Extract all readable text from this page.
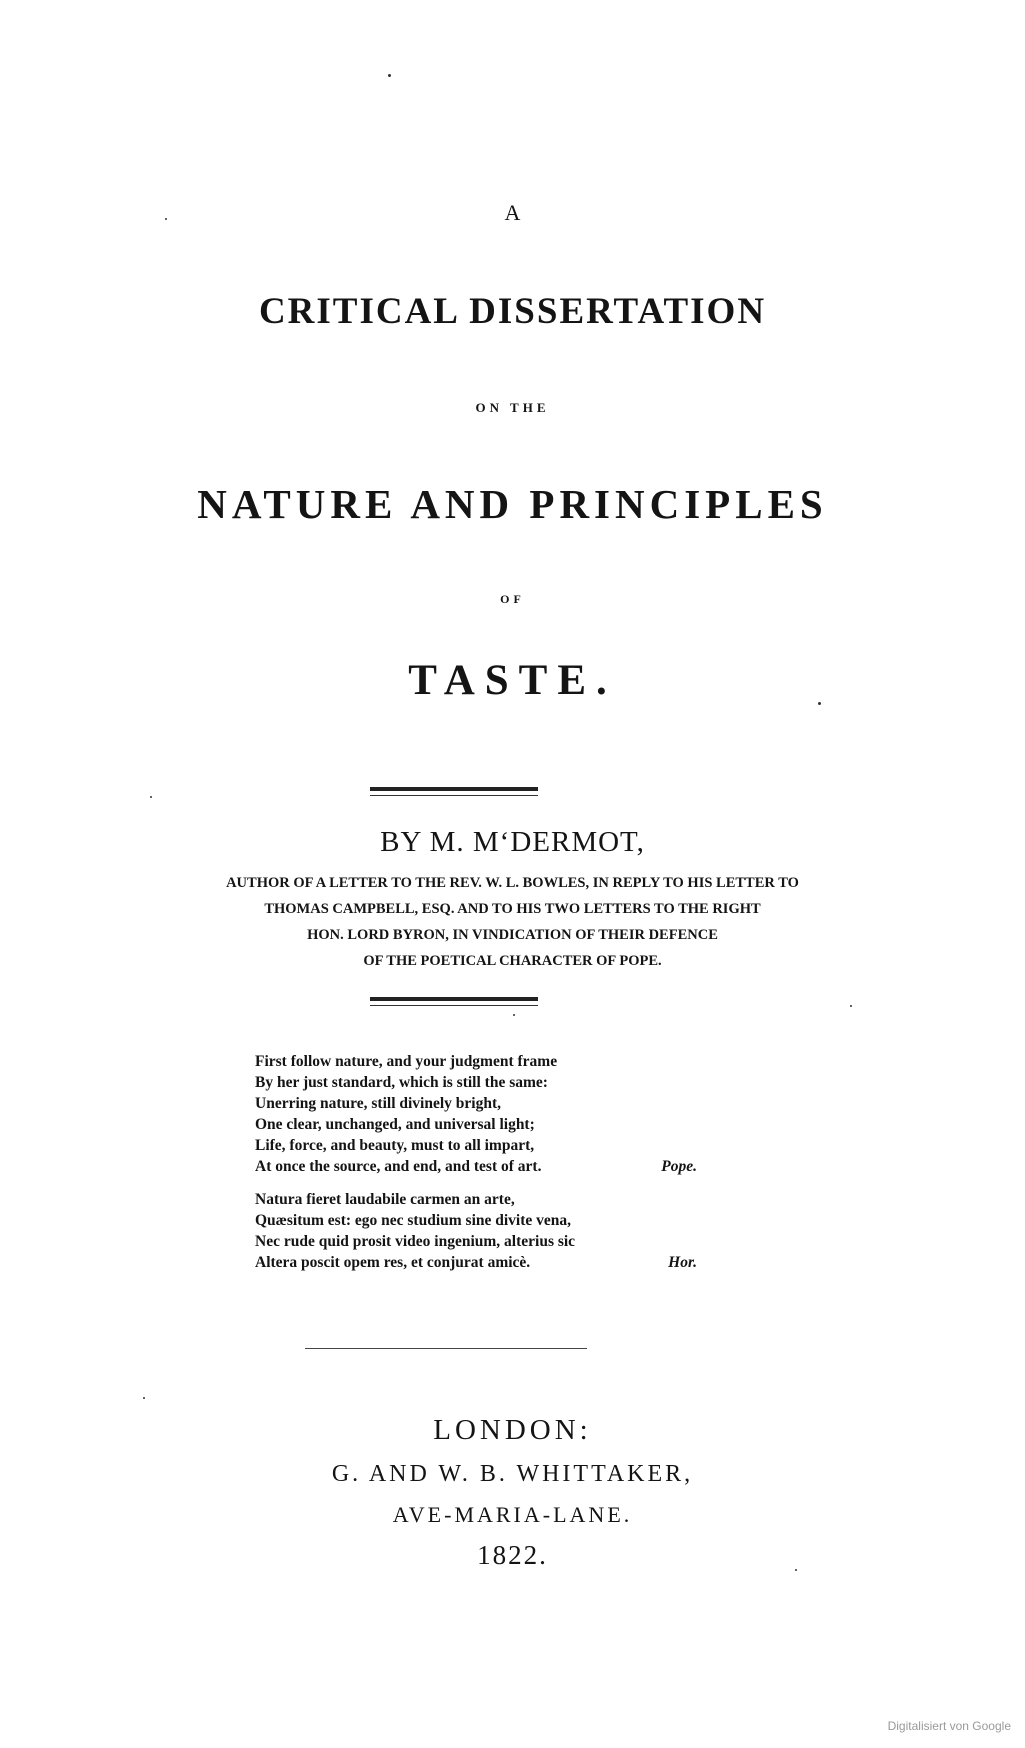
A
CRITICAL DISSERTATION
ON THE
NATURE AND PRINCIPLES
OF
TASTE.
BY M. M‘DERMOT,
AUTHOR OF A LETTER TO THE REV. W. L. BOWLES, IN REPLY TO HIS LETTER TO
THOMAS CAMPBELL, ESQ. AND TO HIS TWO LETTERS TO THE RIGHT
HON. LORD BYRON, IN VINDICATION OF THEIR DEFENCE
OF THE POETICAL CHARACTER OF POPE.
First follow nature, and your judgment frame
By her just standard, which is still the same:
Unerring nature, still divinely bright,
One clear, unchanged, and universal light;
Life, force, and beauty, must to all impart,
At once the source, and end, and test of art.	Pope.
Natura fieret laudabile carmen an arte,
Quæsitum est: ego nec studium sine divite vena,
Nec rude quid prosit video ingenium, alterius sic
Altera poscit opem res, et conjurat amicè.	Hor.
LONDON:
G. AND W. B. WHITTAKER,
AVE-MARIA-LANE.
1822.
Digitalisiert von Google
